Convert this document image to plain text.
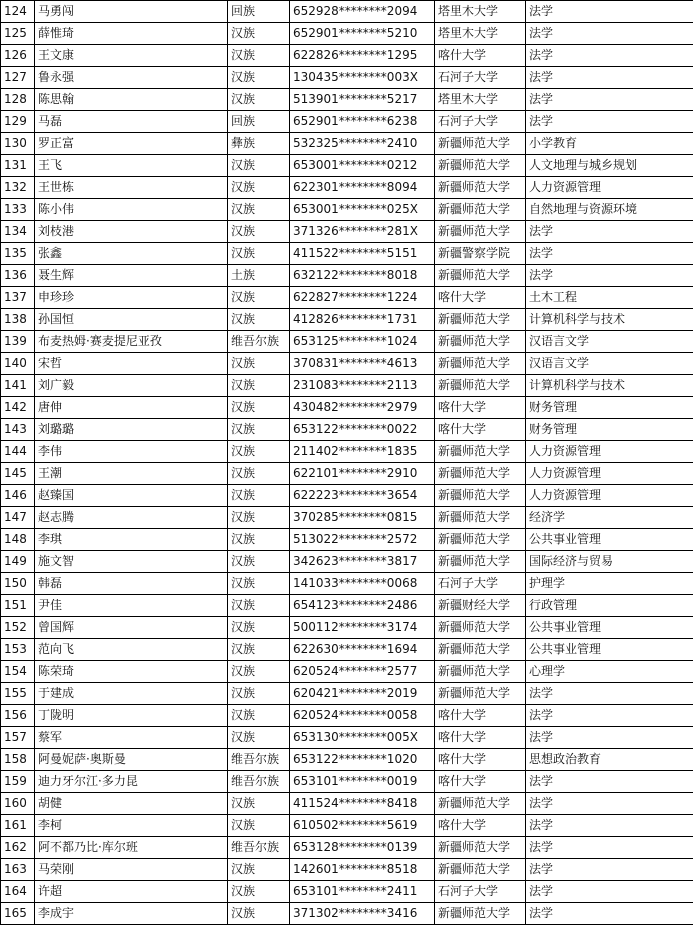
124	马勇闯	回族	652928********2094	塔里木大学	法学
125	薛惟琦	汉族	652901********5210	塔里木大学	法学
126	王文康	汉族	622826********1295	喀什大学	法学
127	鲁永强	汉族	130435********003X	石河子大学	法学
128	陈思翰	汉族	513901********5217	塔里木大学	法学
129	马磊	回族	652901********6238	石河子大学	法学
130	罗正富	彝族	532325********2410	新疆师范大学	小学教育
131	王飞	汉族	653001********0212	新疆师范大学	人文地理与城乡规划
132	王世栋	汉族	622301********8094	新疆师范大学	人力资源管理
133	陈小伟	汉族	653001********025X	新疆师范大学	自然地理与资源环境
134	刘枝港	汉族	371326********281X	新疆师范大学	法学
135	张鑫	汉族	411522********5151	新疆警察学院	法学
136	聂生辉	土族	632122********8018	新疆师范大学	法学
137	申珍珍	汉族	622827********1224	喀什大学	土木工程
138	孙国恒	汉族	412826********1731	新疆师范大学	计算机科学与技术
139	布麦热姆·赛麦提尼亚孜	维吾尔族	653125********1024	新疆师范大学	汉语言文学
140	宋哲	汉族	370831********4613	新疆师范大学	汉语言文学
141	刘广毅	汉族	231083********2113	新疆师范大学	计算机科学与技术
142	唐伸	汉族	430482********2979	喀什大学	财务管理
143	刘璐璐	汉族	653122********0022	喀什大学	财务管理
144	李伟	汉族	211402********1835	新疆师范大学	人力资源管理
145	王潮	汉族	622101********2910	新疆师范大学	人力资源管理
146	赵臻国	汉族	622223********3654	新疆师范大学	人力资源管理
147	赵志腾	汉族	370285********0815	新疆师范大学	经济学
148	李琪	汉族	513022********2572	新疆师范大学	公共事业管理
149	施文智	汉族	342623********3817	新疆师范大学	国际经济与贸易
150	韩磊	汉族	141033********0068	石河子大学	护理学
151	尹佳	汉族	654123********2486	新疆财经大学	行政管理
152	曾国辉	汉族	500112********3174	新疆师范大学	公共事业管理
153	范向飞	汉族	622630********1694	新疆师范大学	公共事业管理
154	陈荣琦	汉族	620524********2577	新疆师范大学	心理学
155	于建成	汉族	620421********2019	新疆师范大学	法学
156	丁陇明	汉族	620524********0058	喀什大学	法学
157	蔡军	汉族	653130********005X	喀什大学	法学
158	阿曼妮萨·奥斯曼	维吾尔族	653122********1020	喀什大学	思想政治教育
159	迪力牙尔江·多力昆	维吾尔族	653101********0019	喀什大学	法学
160	胡健	汉族	411524********8418	新疆师范大学	法学
161	李柯	汉族	610502********5619	喀什大学	法学
162	阿不都乃比·库尔班	维吾尔族	653128********0139	新疆师范大学	法学
163	马荣刚	汉族	142601********8518	新疆师范大学	法学
164	许超	汉族	653101********2411	石河子大学	法学
165	李成宇	汉族	371302********3416	新疆师范大学	法学
